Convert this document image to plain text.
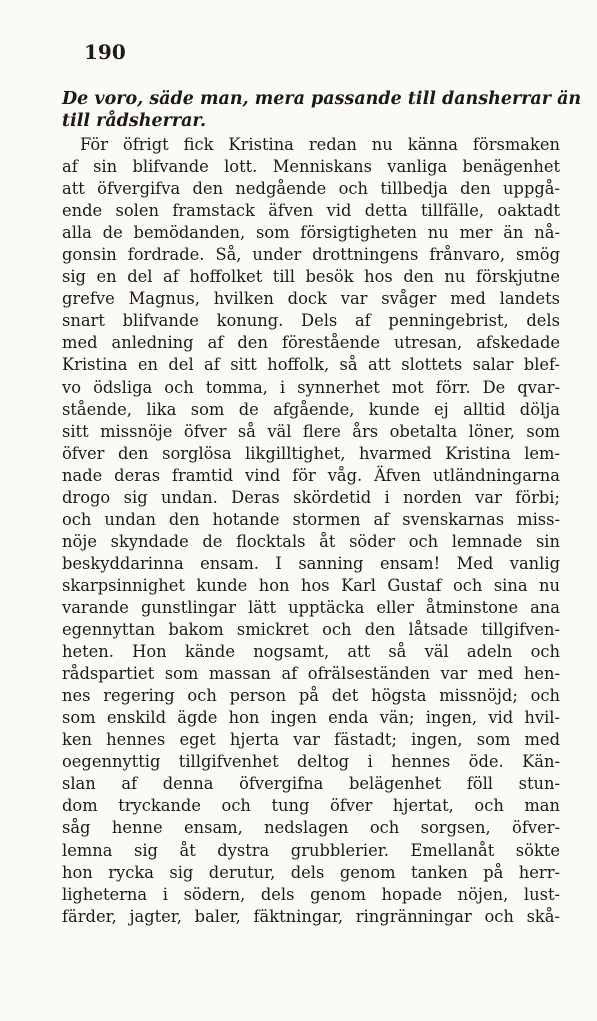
190
De voro, säde man, mera passande till dansherrar än
till rådsherrar.
För öfrigt fick Kristina redan nu känna försmaken
af sin blifvande lott. Menniskans vanliga benägenhet
att öfvergifva den nedgående och tillbedja den uppgå-
ende solen framstack äfven vid detta tillfälle, oaktadt
alla de bemödanden, som försigtigheten nu mer än nå-
gonsin fordrade. Så, under drottningens frånvaro, smög
sig en del af hoffolket till besök hos den nu förskjutne
grefve Magnus, hvilken dock var svåger med landets
snart blifvande konung. Dels af penningebrist, dels
med anledning af den förestående utresan, afskedade
Kristina en del af sitt hoffolk, så att slottets salar blef-
vo ödsliga och tomma, i synnerhet mot förr. De qvar-
stående, lika som de afgående, kunde ej alltid dölja
sitt missnöje öfver så väl flere års obetalta löner, som
öfver den sorglösa likgilltighet, hvarmed Kristina lem-
nade deras framtid vind för våg. Äfven utländningarna
drogo sig undan. Deras skördetid i norden var förbi;
och undan den hotande stormen af svenskarnas miss-
nöje skyndade de flocktals åt söder och lemnade sin
beskyddarinna ensam. I sanning ensam! Med vanlig
skarpsinnighet kunde hon hos Karl Gustaf och sina nu
varande gunstlingar lätt upptäcka eller åtminstone ana
egennyttan bakom smickret och den låtsade tillgifven-
heten. Hon kände nogsamt, att så väl adeln och
rådspartiet som massan af ofrälseständen var med hen-
nes regering och person på det högsta missnöjd; och
som enskild ägde hon ingen enda vän; ingen, vid hvil-
ken hennes eget hjerta var fästadt; ingen, som med
oegennyttig tillgifvenhet deltog i hennes öde. Kän-
slan af denna öfvergifna belägenhet föll stun-
dom tryckande och tung öfver hjertat, och man
såg henne ensam, nedslagen och sorgsen, öfver-
lemna sig åt dystra grubblerier. Emellanåt sökte
hon rycka sig derutur, dels genom tanken på herr-
ligheterna i södern, dels genom hopade nöjen, lust-
färder, jagter, baler, fäktningar, ringränningar och skå-
